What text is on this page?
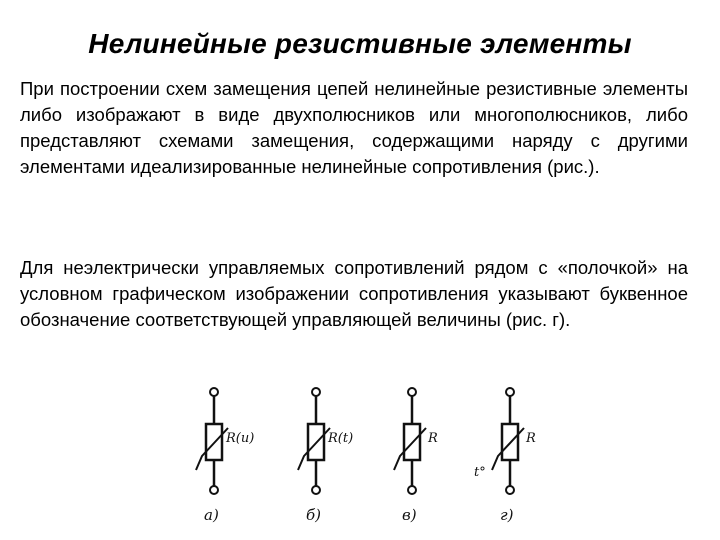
Нелинейные резистивные элементы
При построении схем замещения цепей нелинейные резистивные элементы либо изображают в виде двухполюсников или многополюсников, либо представляют схемами замещения, содержащими наряду с другими элементами идеализированные нелинейные сопротивления (рис.).
Для неэлектрически управляемых сопротивлений рядом с «полочкой» на условном графическом изображении сопротивления указывают буквенное обозначение соответствующей управляющей величины (рис. г).
R(u)
а)
R(t)
б)
R
в)
R
t°
г)
